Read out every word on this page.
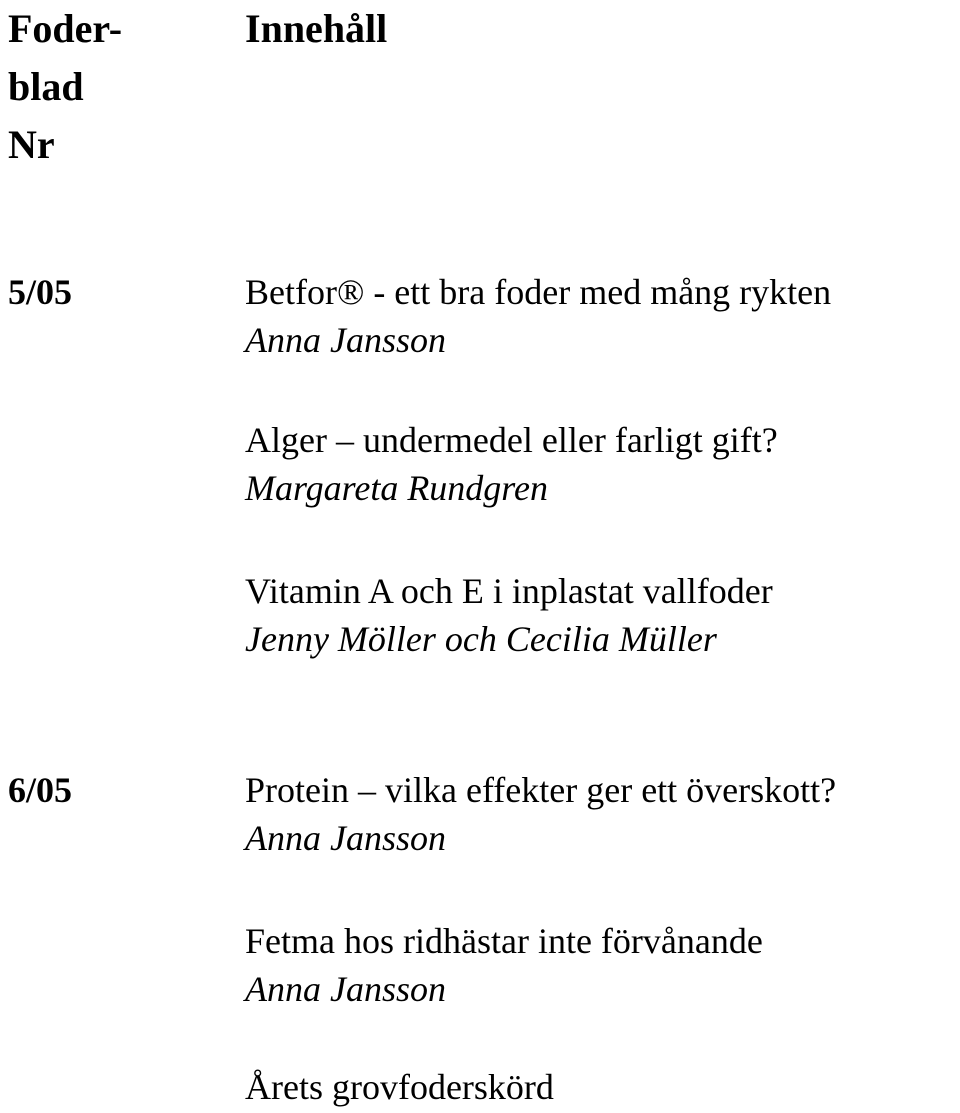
Foder-
blad
Nr
Innehåll
5/05	Betfor® - ett bra foder med mång rykten
Anna Jansson
Alger – undermedel eller farligt gift?
Margareta Rundgren
Vitamin A och E i inplastat vallfoder
Jenny Möller och Cecilia Müller
6/05	Protein – vilka effekter ger ett överskott?
Anna Jansson
Fetma hos ridhästar inte förvånande
Anna Jansson
Årets grovfoderskörd
